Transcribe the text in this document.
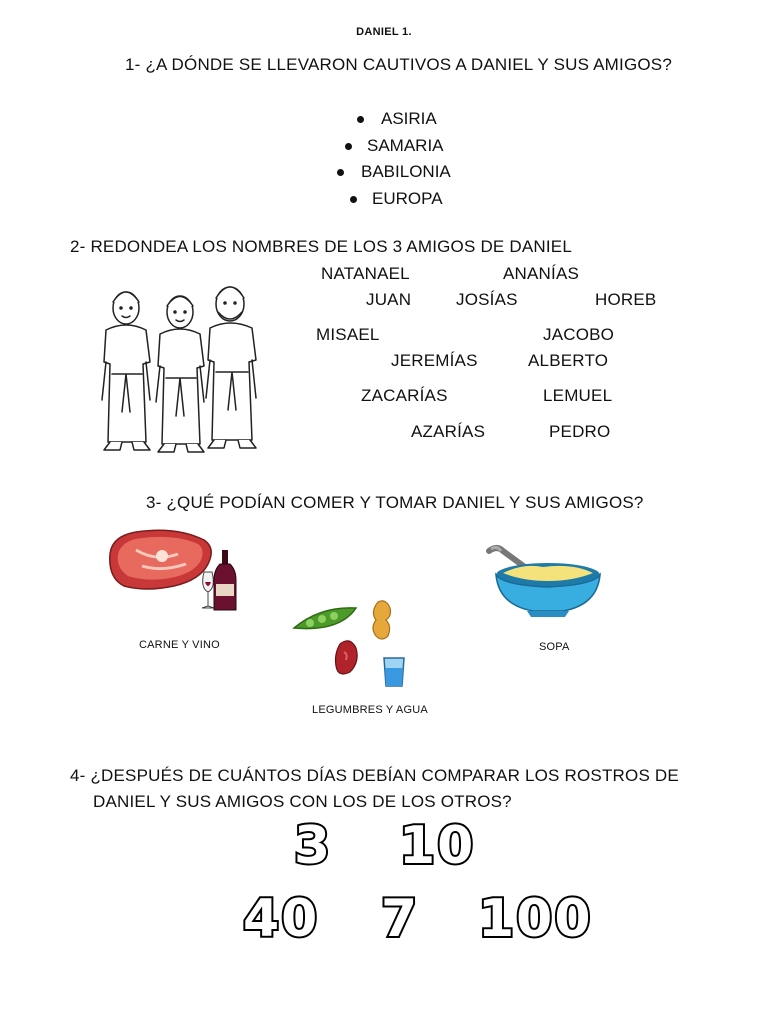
DANIEL 1.
1- ¿A DÓNDE SE LLEVARON CAUTIVOS A DANIEL Y SUS AMIGOS?
ASIRIA
SAMARIA
BABILONIA
EUROPA
2- REDONDEA LOS NOMBRES DE LOS 3 AMIGOS DE DANIEL
NATANAEL	ANANÍAS
JUAN	JOSÍAS	HOREB
MISAEL	JACOBO
JEREMÍAS	ALBERTO
ZACARÍAS	LEMUEL
AZARÍAS	PEDRO
3- ¿QUÉ PODÍAN COMER Y TOMAR DANIEL Y SUS AMIGOS?
CARNE Y VINO
LEGUMBRES Y AGUA
SOPA
4- ¿DESPUÉS DE CUÁNTOS DÍAS DEBÍAN COMPARAR LOS ROSTROS DE
DANIEL Y SUS AMIGOS CON LOS DE LOS OTROS?
3 10
40 7 100
